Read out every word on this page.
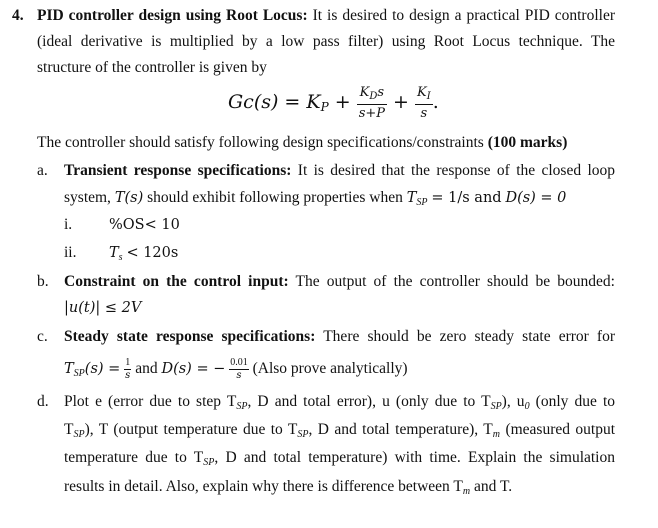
4. PID controller design using Root Locus: It is desired to design a practical PID controller
(ideal derivative is multiplied by a low pass filter) using Root Locus technique. The
structure of the controller is given by
$Gc(s) = K_P + \frac{K_Ds}{s+P} + \frac{K_I}{s}$ .
The controller should satisfy following design specifications/constraints (100 marks)
a. Transient response specifications: It is desired that the response of the closed loop
system, T(s) should exhibit following properties when $T_{SP} = 1/s$ and D(s) = 0
i.	%OS< 10
ii. $T_s < 120s$
b. Constraint on the control input: The output of the controller should be bounded:
|u(t)| ≤ 2V
c. Steady state response specifications: There should be zero steady state error for
$T_{SP}(s) = \frac{1}{s}$ and D(s) = − $\frac{0.01}{s}$ (Also prove analytically)
d. Plot e (error due to step $T_{SP}$, D and total error), u (only due to $T_{SP}$), $u_0$ (only due to
$T_{SP}$), T (output temperature due to $T_{SP}$, D and total temperature), $T_m$ (measured output
temperature due to $T_{SP}$, D and total temperature) with time. Explain the simulation
results in detail. Also, explain why there is difference between $T_m$ and T.
